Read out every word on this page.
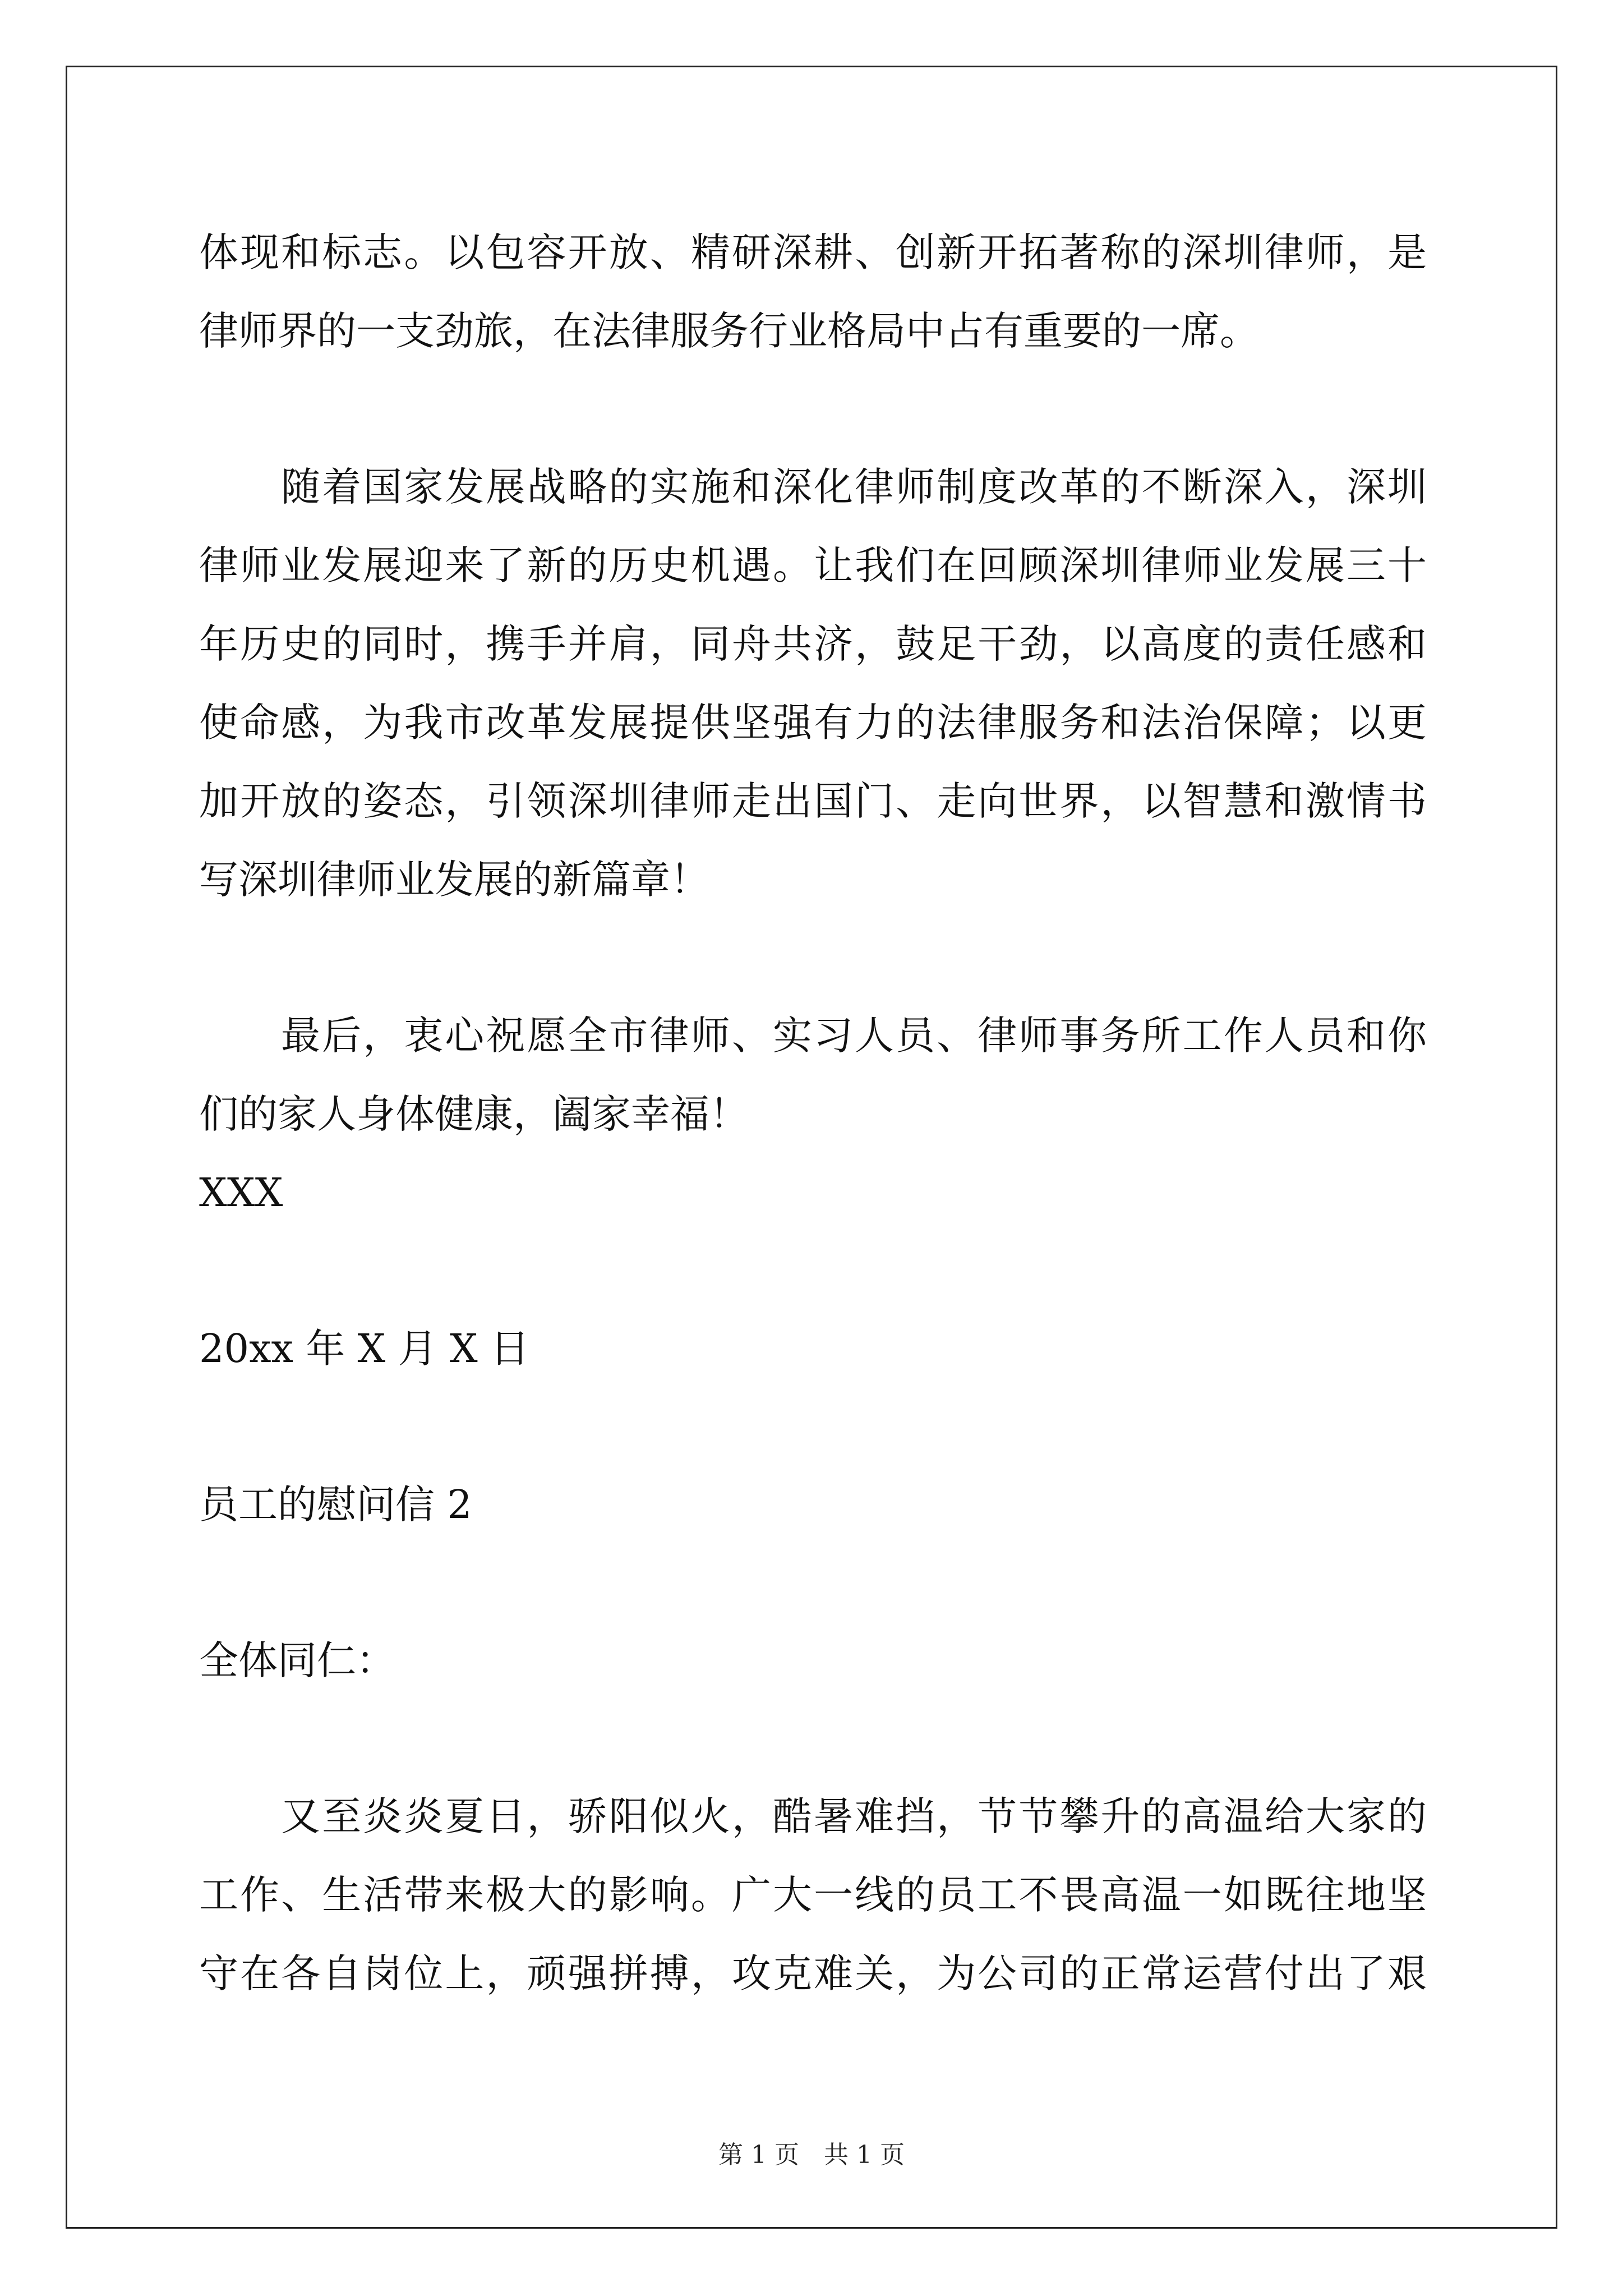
体现和标志。以包容开放、精研深耕、创新开拓著称的深圳律师，是
律师界的一支劲旅，在法律服务行业格局中占有重要的一席。
随着国家发展战略的实施和深化律师制度改革的不断深入，深圳
律师业发展迎来了新的历史机遇。让我们在回顾深圳律师业发展三十
年历史的同时，携手并肩，同舟共济，鼓足干劲，以高度的责任感和
使命感，为我市改革发展提供坚强有力的法律服务和法治保障；以更
加开放的姿态，引领深圳律师走出国门、走向世界，以智慧和激情书
写深圳律师业发展的新篇章！
最后，衷心祝愿全市律师、实习人员、律师事务所工作人员和你
们的家人身体健康，阖家幸福！
XXX
20xx 年 X 月 X 日
员工的慰问信 2
全体同仁：
又至炎炎夏日，骄阳似火，酷暑难挡，节节攀升的高温给大家的
工作、生活带来极大的影响。广大一线的员工不畏高温一如既往地坚
守在各自岗位上，顽强拼搏，攻克难关，为公司的正常运营付出了艰
第 1 页　共 1 页
